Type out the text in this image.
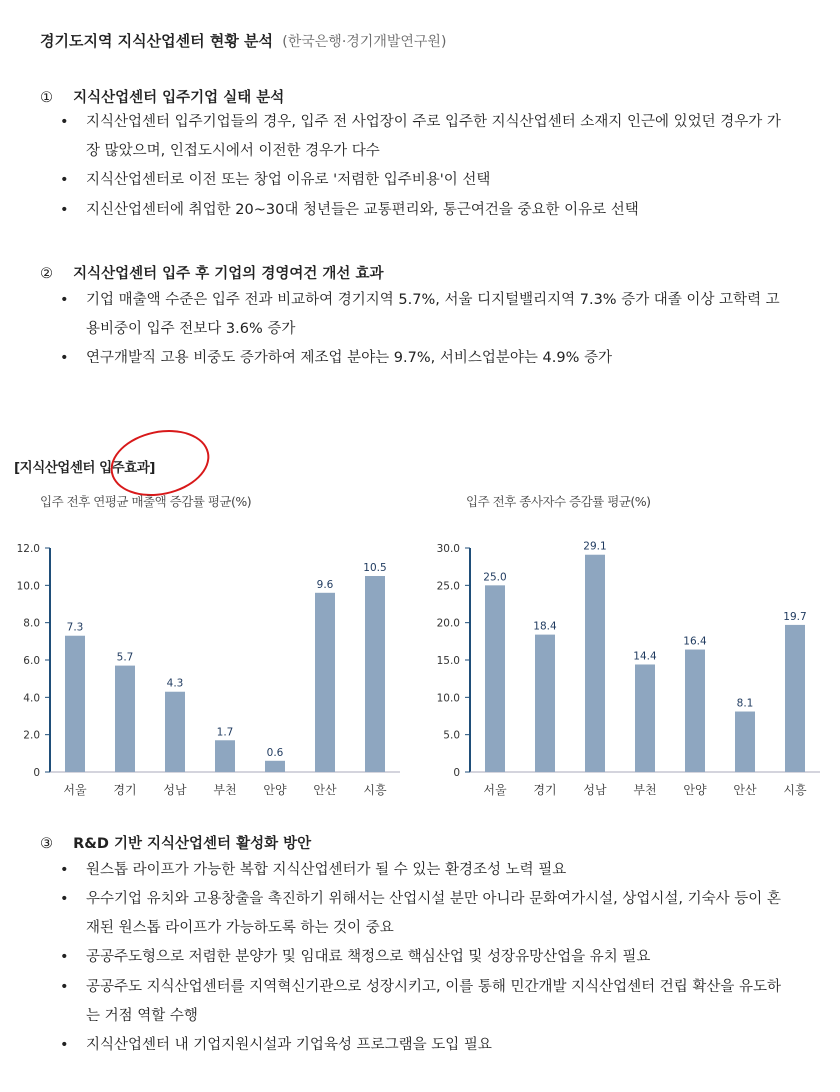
경기도지역 지식산업센터 현황 분석 (한국은행·경기개발연구원)
① 지식산업센터 입주기업 실태 분석
• 지식산업센터 입주기업들의 경우, 입주 전 사업장이 주로 입주한 지식산업센터 소재지 인근에 있었던 경우가 가장 많았으며, 인접도시에서 이전한 경우가 다수
• 지식산업센터로 이전 또는 창업 이유로 '저렴한 입주비용'이 선택
• 지신산업센터에 취업한 20~30대 청년들은 교통편리와, 통근여건을 중요한 이유로 선택
② 지식산업센터 입주 후 기업의 경영여건 개선 효과
• 기업 매출액 수준은 입주 전과 비교하여 경기지역 5.7%, 서울 디지털밸리지역 7.3% 증가 대졸 이상 고학력 고용비중이 입주 전보다 3.6% 증가
• 연구개발직 고용 비중도 증가하여 제조업 분야는 9.7%, 서비스업분야는 4.9% 증가
[지식산업센터 입주효과]
입주 전후 연평균 매출액 증감률 평균(%)	입주 전후 종사자수 증감률 평균(%)
0
2.0
4.0
6.0
8.0
10.0
12.0
7.3
서울
5.7
경기
4.3
성남
1.7
부천
0.6
안양
9.6
안산
10.5
시흥
0
5.0
10.0
15.0
20.0
25.0
30.0
25.0
서울
18.4
경기
29.1
성남
14.4
부천
16.4
안양
8.1
안산
19.7
시흥
③ R&D 기반 지식산업센터 활성화 방안
• 원스톱 라이프가 가능한 복합 지식산업센터가 될 수 있는 환경조성 노력 필요
• 우수기업 유치와 고용창출을 촉진하기 위해서는 산업시설 분만 아니라 문화여가시설, 상업시설, 기숙사 등이 혼재된 원스톱 라이프가 가능하도록 하는 것이 중요
• 공공주도형으로 저렴한 분양가 및 임대료 책정으로 핵심산업 및 성장유망산업을 유치 필요
• 공공주도 지식산업센터를 지역혁신기관으로 성장시키고, 이를 통해 민간개발 지식산업센터 건립 확산을 유도하는 거점 역할 수행
• 지식산업센터 내 기업지원시설과 기업육성 프로그램을 도입 필요
